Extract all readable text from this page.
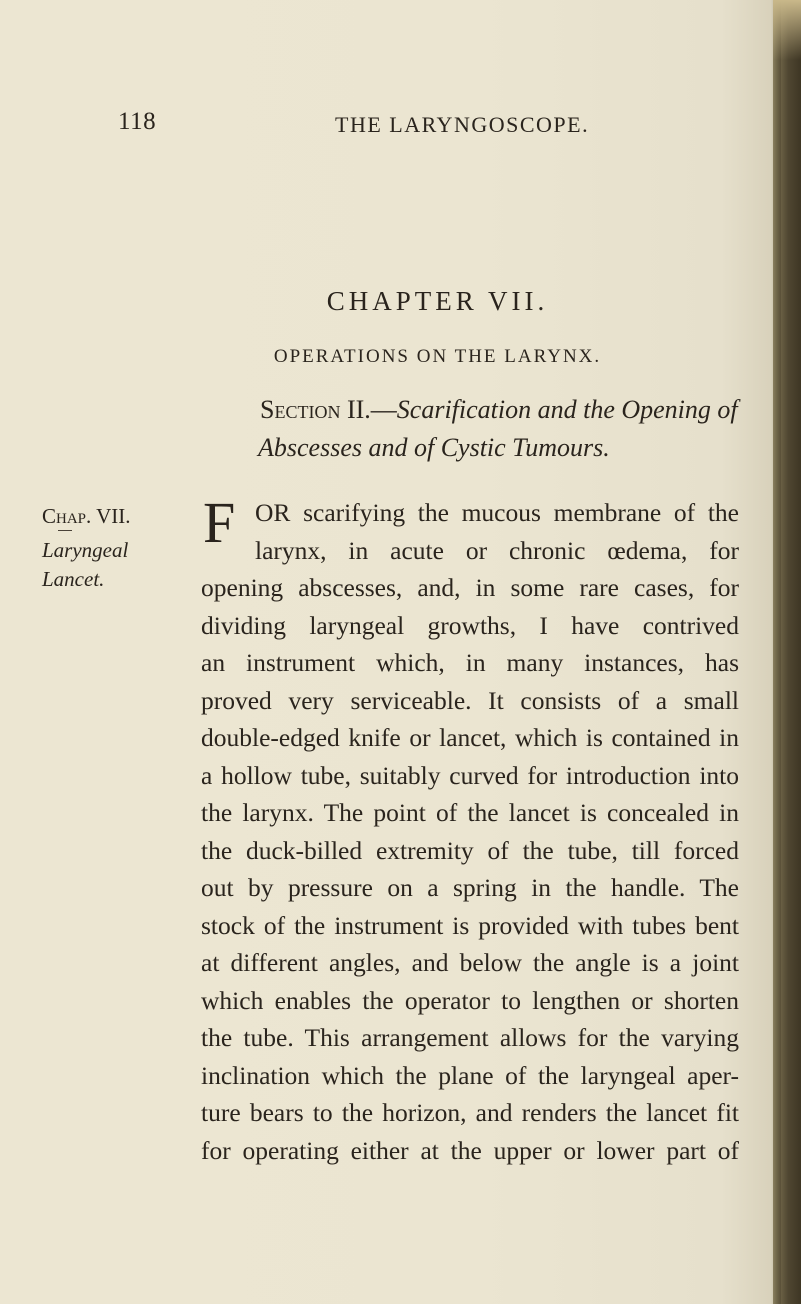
118	THE LARYNGOSCOPE.
CHAPTER VII.
OPERATIONS ON THE LARYNX.
Section II.—Scarification and the Opening of
Abscesses and of Cystic Tumours.
Chap. VII.
Laryngeal
Lancet.
F OR scarifying the mucous membrane of the
larynx, in acute or chronic œdema, for
opening abscesses, and, in some rare cases, for
dividing laryngeal growths, I have contrived
an instrument which, in many instances, has
proved very serviceable. It consists of a small
double-edged knife or lancet, which is contained in
a hollow tube, suitably curved for introduction into
the larynx. The point of the lancet is concealed in
the duck-billed extremity of the tube, till forced
out by pressure on a spring in the handle. The
stock of the instrument is provided with tubes bent
at different angles, and below the angle is a joint
which enables the operator to lengthen or shorten
the tube. This arrangement allows for the varying
inclination which the plane of the laryngeal aper-
ture bears to the horizon, and renders the lancet fit
for operating either at the upper or lower part of
